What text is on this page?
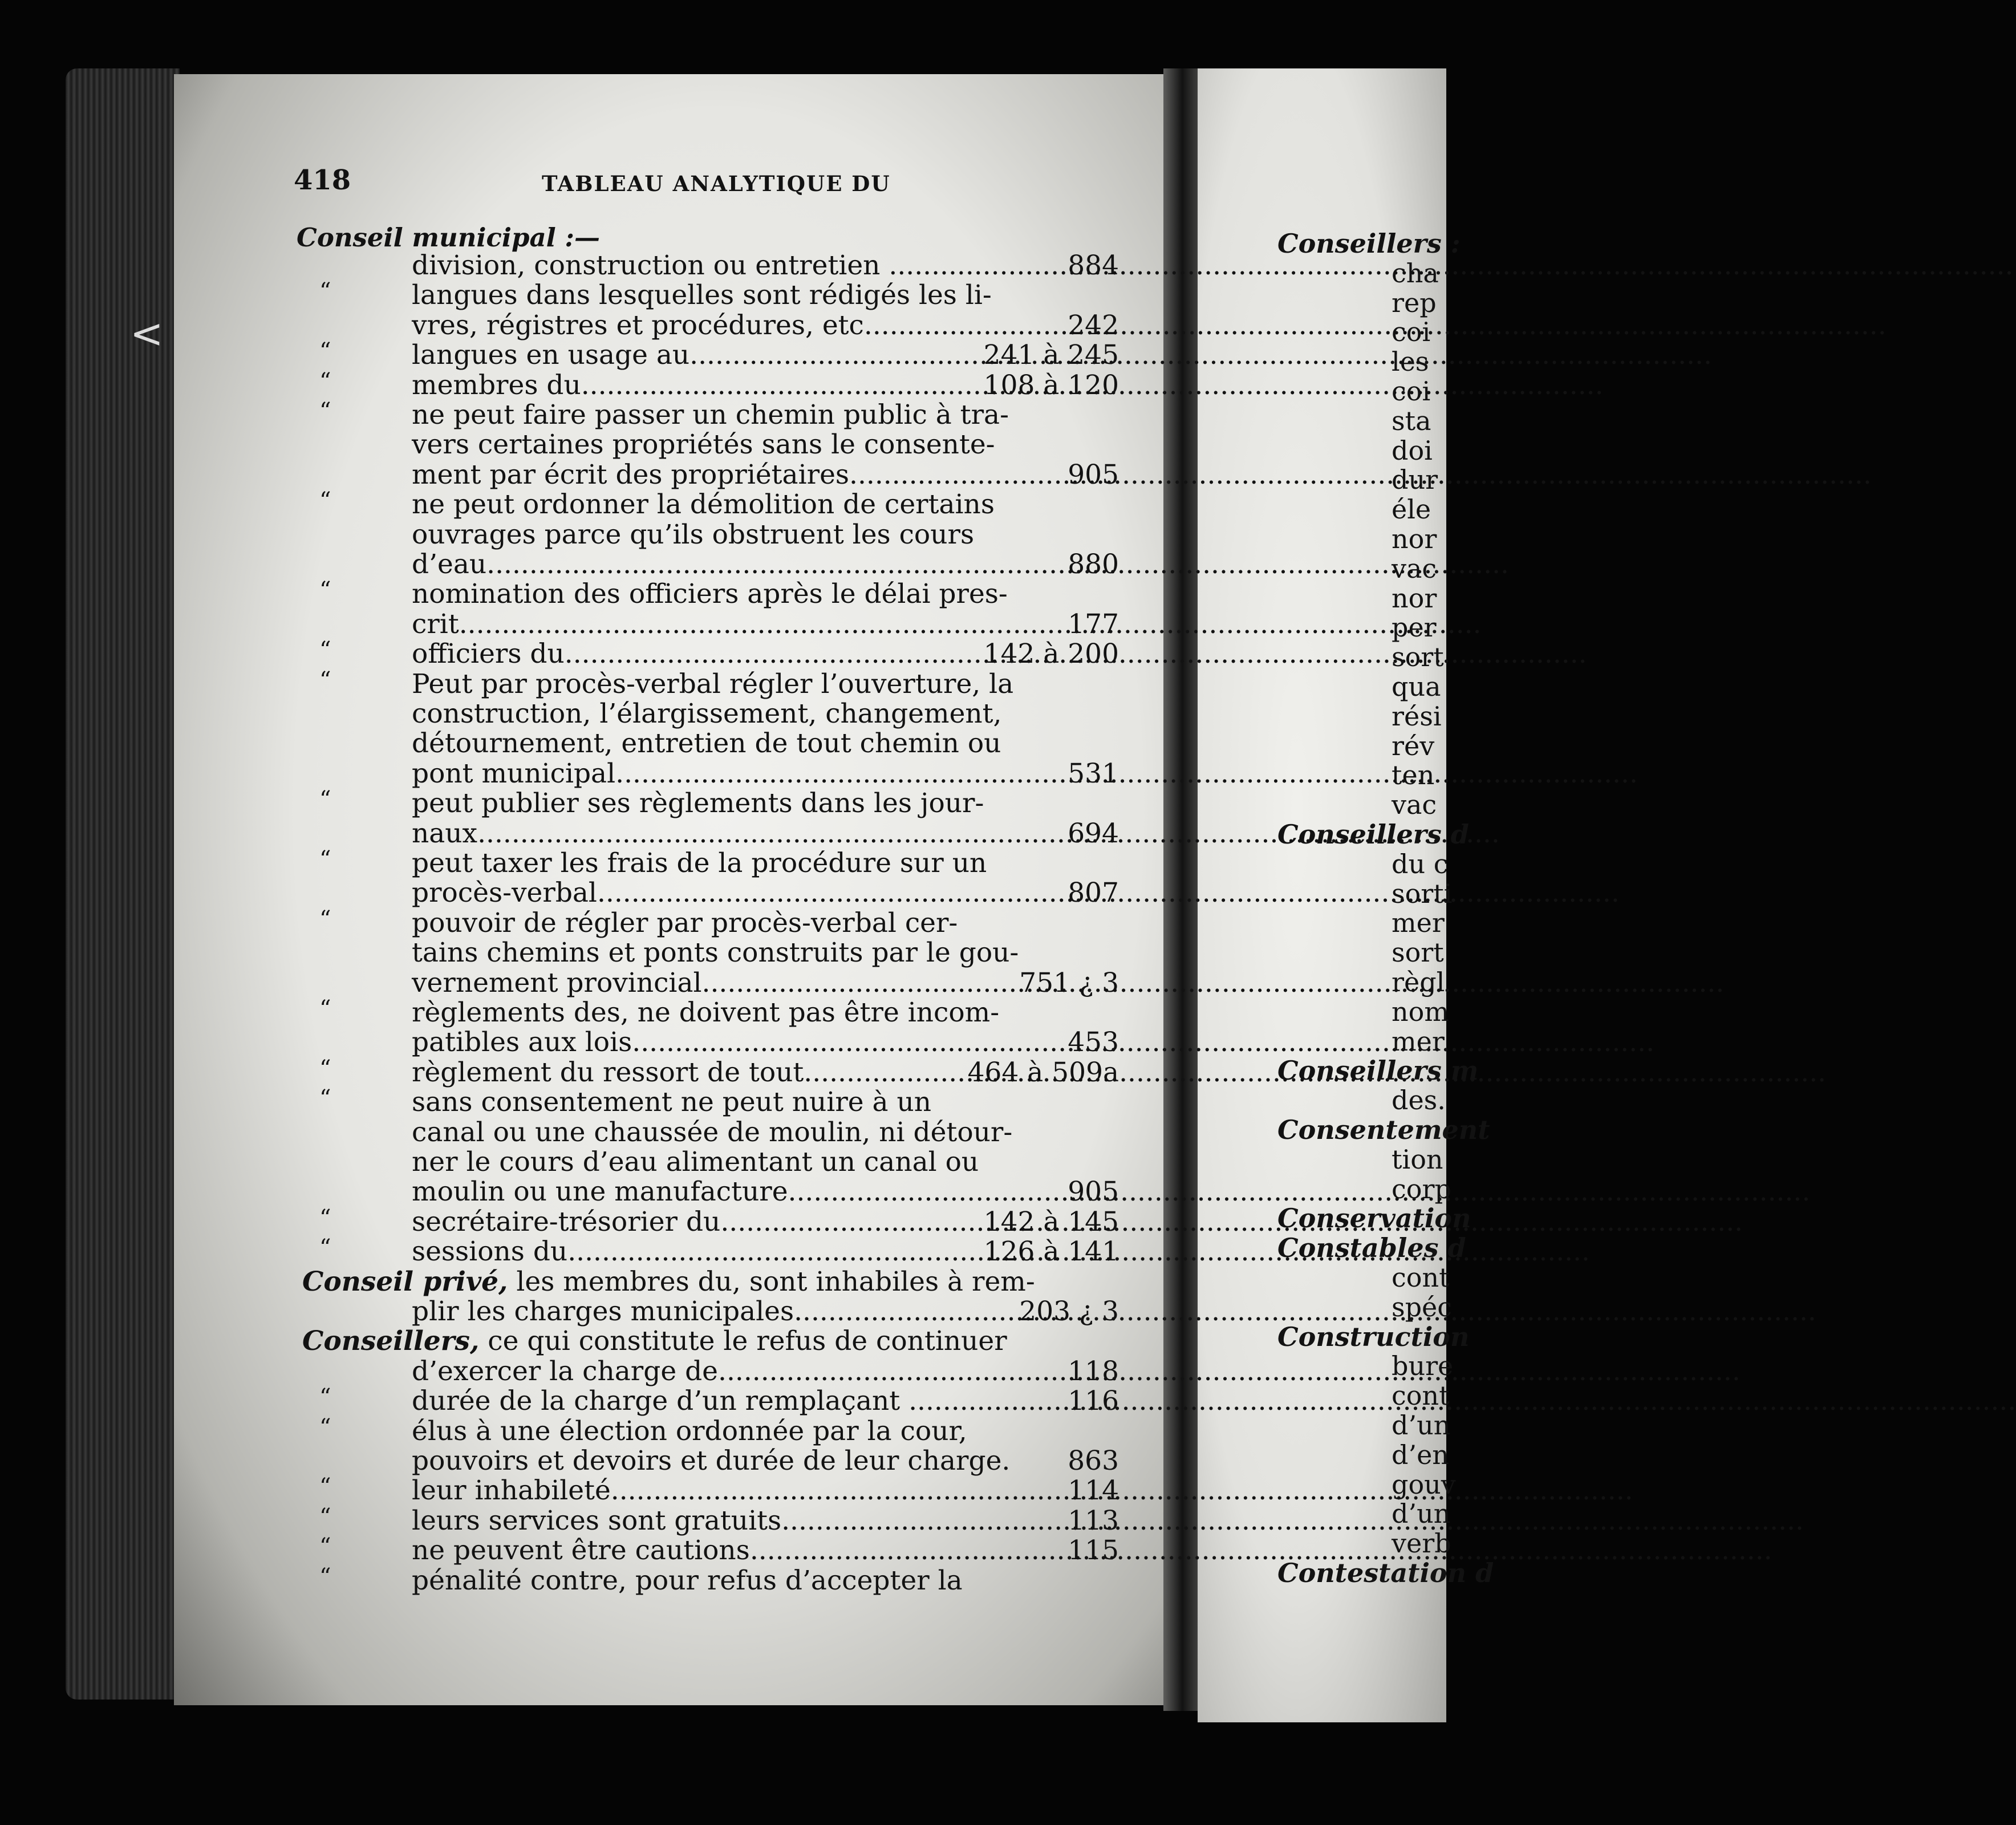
Conseillers :
cha
rep
coi
les
coi
sta
doi
dur
éle
nor
vac
nor
per
sort
qua
rési
rév
ten
vac
Conseillers d
du c
sorti
mer
sort
règl
nom
mer
Conseillers m
des.
Consentement
tion
corp
Conservation
Constables d
cont
spéc
Construction
bure
cont
d’un
d’en
gouv
d’un
verb
Contestation d
<
418	TABLEAU ANALYTIQUE DU
Conseil municipal :—
division, construction ou entretien ............ .....	884
“	langues dans lesquelles sont rédigés les li-
vres, régistres et procédures, etc .....	242
“	langues en usage au .....	241 à 245
“	membres du .....	108 à 120
“	ne peut faire passer un chemin public à tra-
vers certaines propriétés sans le consente-
ment par écrit des propriétaires .....	905
“	ne peut ordonner la démolition de certains
ouvrages parce qu’ils obstruent les cours
d’eau .....	880
“	nomination des officiers après le délai pres-
crit .....	177
“	officiers du .....	142 à 200
“	Peut par procès-verbal régler l’ouverture, la
construction, l’élargissement, changement,
détournement, entretien de tout chemin ou
pont municipal .....	531
“	peut publier ses règlements dans les jour-
naux .....	694
“	peut taxer les frais de la procédure sur un
procès-verbal .....	807
“	pouvoir de régler par procès-verbal cer-
tains chemins et ponts construits par le gou-
vernement provincial .....	751 ¿ 3
“	règlements des, ne doivent pas être incom-
patibles aux lois .....	453
“	règlement du ressort de tout .....	464 à 509a
“	sans consentement ne peut nuire à un
canal ou une chaussée de moulin, ni détour-
ner le cours d’eau alimentant un canal ou
moulin ou une manufacture .....	905
“	secrétaire-trésorier du .....	142 à 145
“	sessions du .....	126 à 141
Conseil privé, les membres du, sont inhabiles à rem-
plir les charges municipales .....	203 ¿ 3
Conseillers, ce qui constitute le refus de continuer
d’exercer la charge de .....	118
“	durée de la charge d’un remplaçant .......... .....	116
“	élus à une élection ordonnée par la cour,
pouvoirs et devoirs et durée de leur charge. 863
“	leur inhabileté .....	114
“	leurs services sont gratuits .....	113
“	ne peuvent être cautions .....	115
“	pénalité contre, pour refus d’accepter la
